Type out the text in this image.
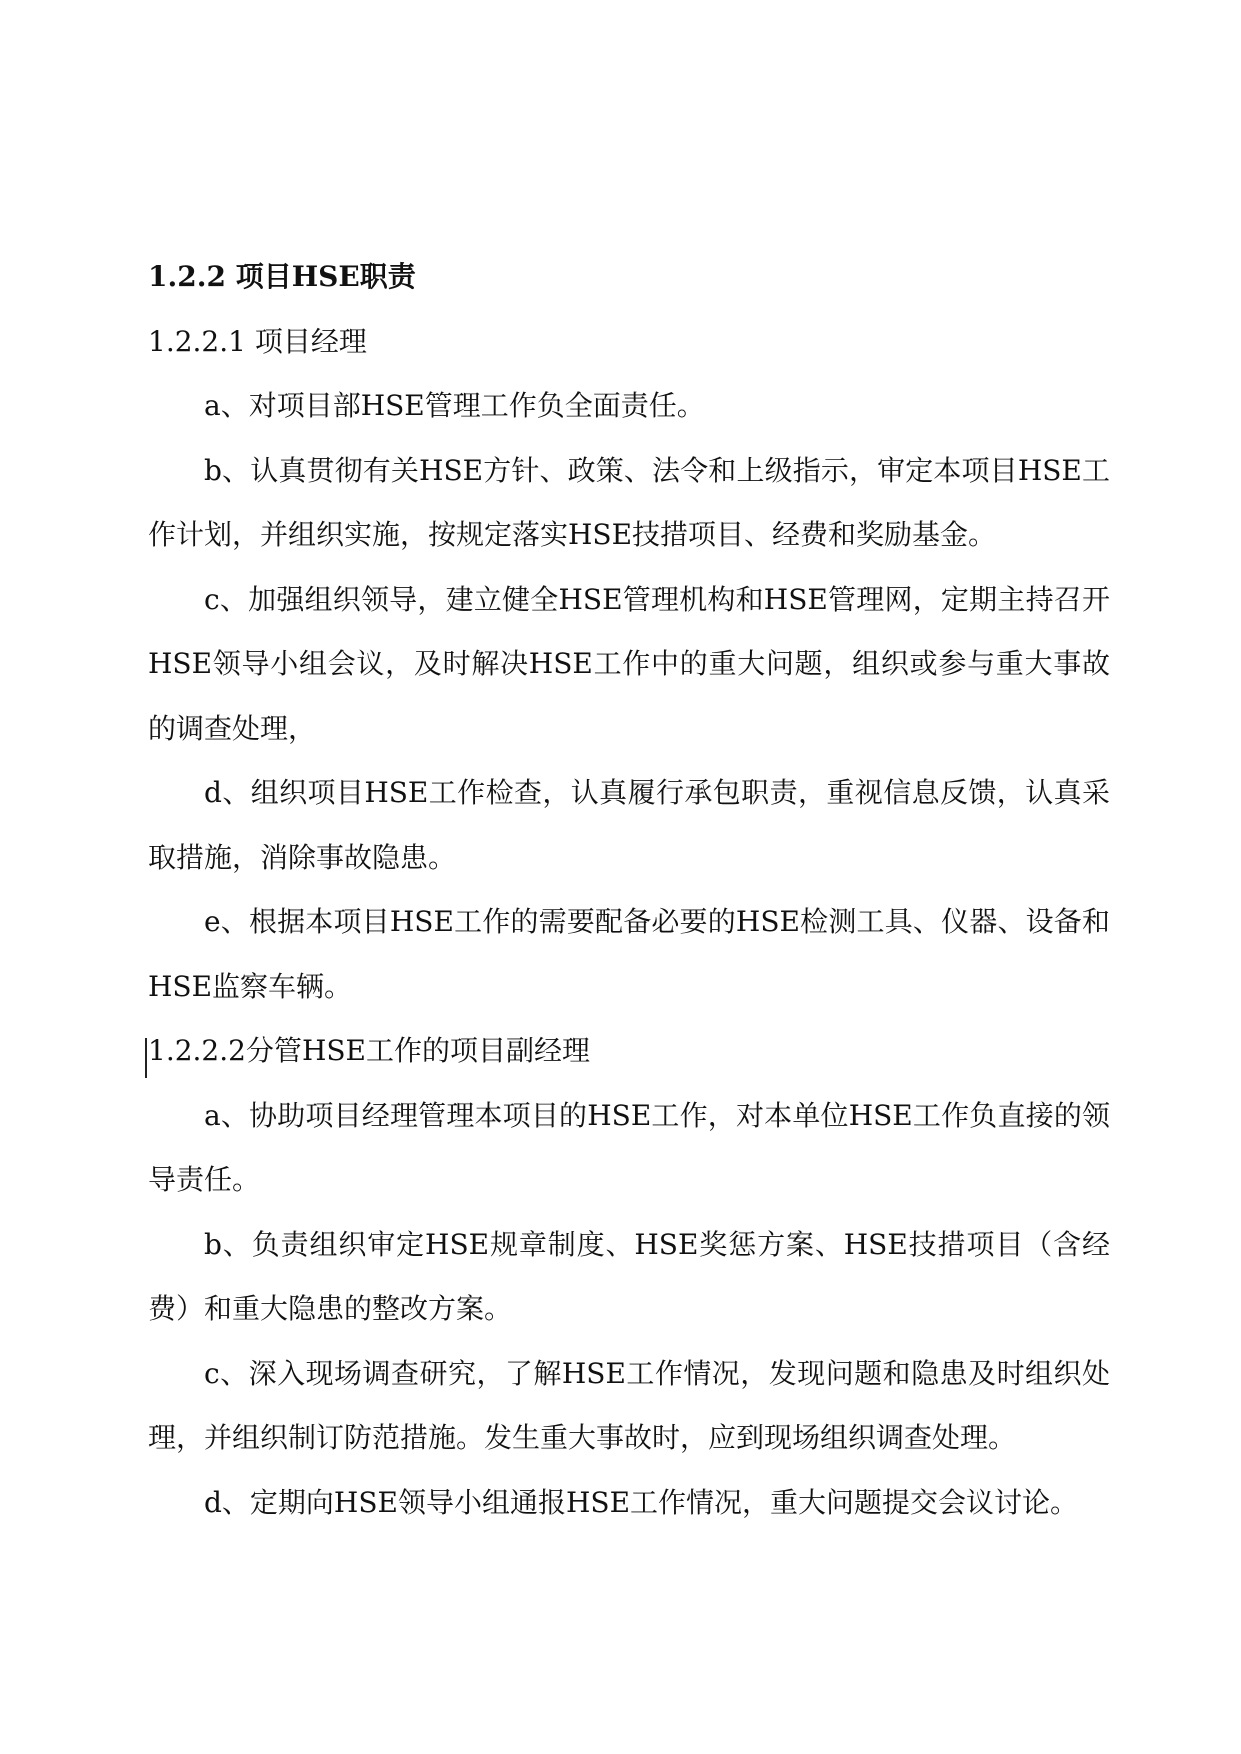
1.2.2 项目HSE职责
1.2.2.1 项目经理

a、对项目部HSE管理工作负全面责任。

b、认真贯彻有关HSE方针、政策、法令和上级指示，审定本项目HSE工作计划，并组织实施，按规定落实HSE技措项目、经费和奖励基金。

c、加强组织领导，建立健全HSE管理机构和HSE管理网，定期主持召开HSE领导小组会议，及时解决HSE工作中的重大问题，组织或参与重大事故的调查处理，

d、组织项目HSE工作检查，认真履行承包职责，重视信息反馈，认真采取措施，消除事故隐患。

e、根据本项目HSE工作的需要配备必要的HSE检测工具、仪器、设备和HSE监察车辆。

1.2.2.2分管HSE工作的项目副经理

a、协助项目经理管理本项目的HSE工作，对本单位HSE工作负直接的领导责任。

b、负责组织审定HSE规章制度、HSE奖惩方案、HSE技措项目（含经费）和重大隐患的整改方案。

c、深入现场调查研究，了解HSE工作情况，发现问题和隐患及时组织处理，并组织制订防范措施。发生重大事故时，应到现场组织调查处理。

d、定期向HSE领导小组通报HSE工作情况，重大问题提交会议讨论。
